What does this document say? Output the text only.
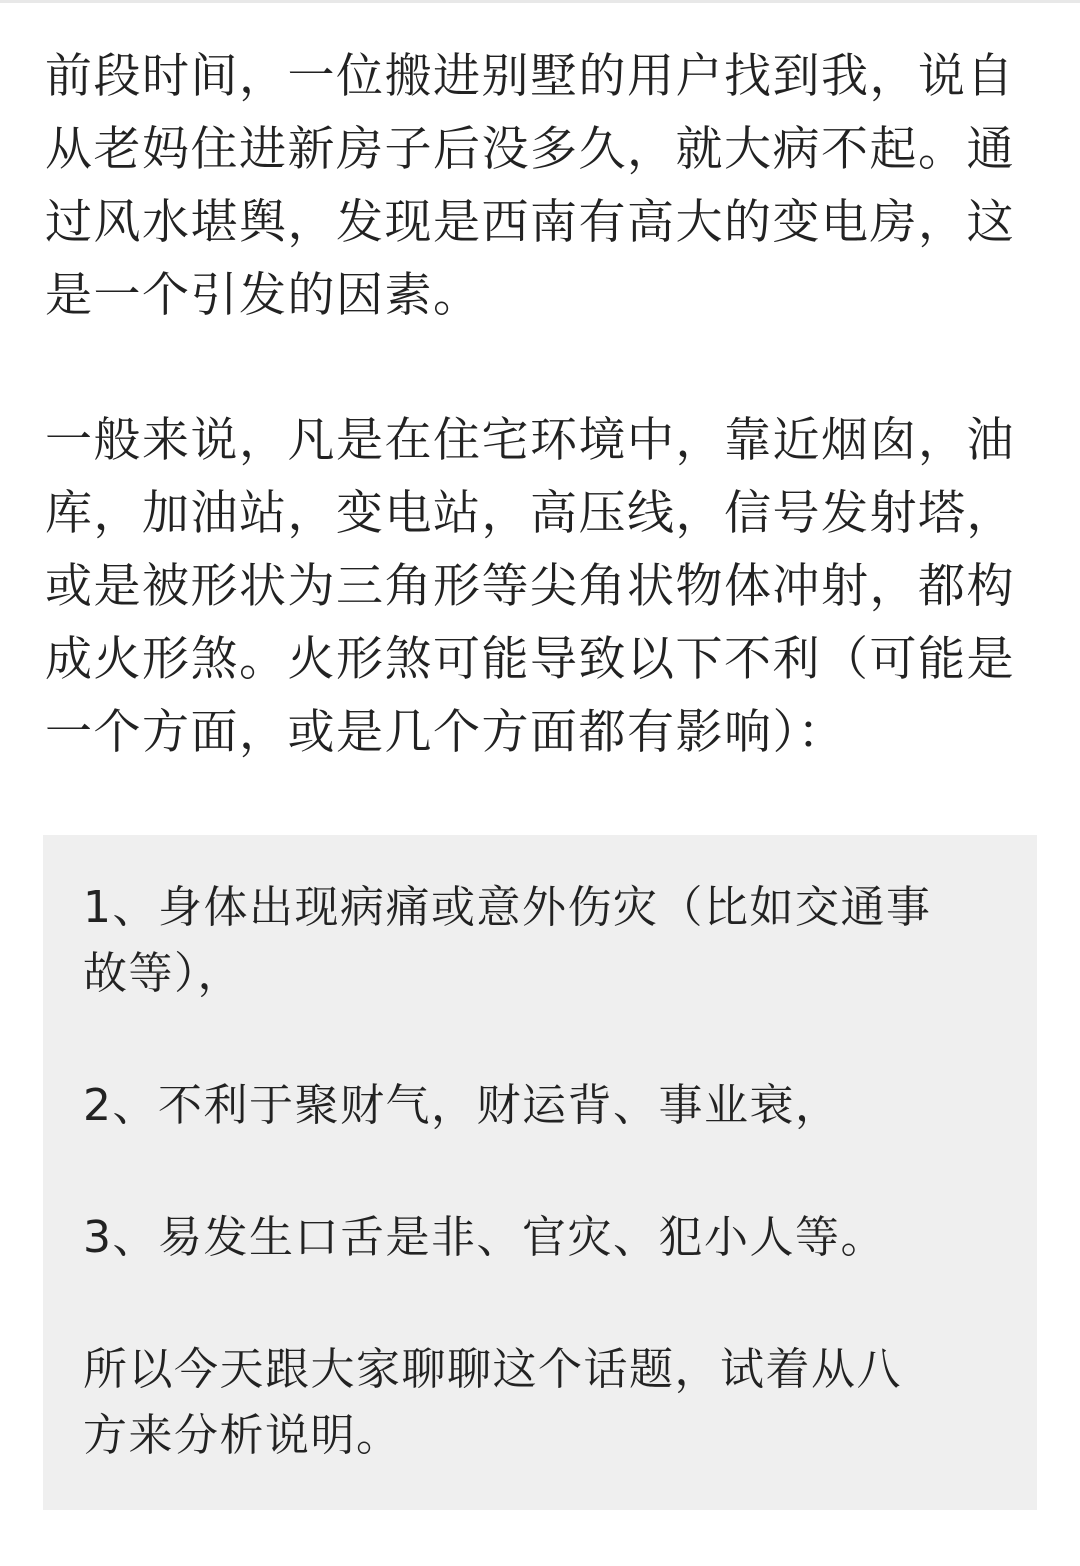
前段时间，一位搬进别墅的用户找到我，说自
从老妈住进新房子后没多久，就大病不起。通
过风水堪舆，发现是西南有高大的变电房，这
是一个引发的因素。

一般来说，凡是在住宅环境中，靠近烟囱，油
库，加油站，变电站，高压线，信号发射塔，
或是被形状为三角形等尖角状物体冲射，都构
成火形煞。火形煞可能导致以下不利（可能是
一个方面，或是几个方面都有影响）：

1、身体出现病痛或意外伤灾（比如交通事
故等），

2、不利于聚财气，财运背、事业衰，

3、易发生口舌是非、官灾、犯小人等。

所以今天跟大家聊聊这个话题，试着从八
方来分析说明。
